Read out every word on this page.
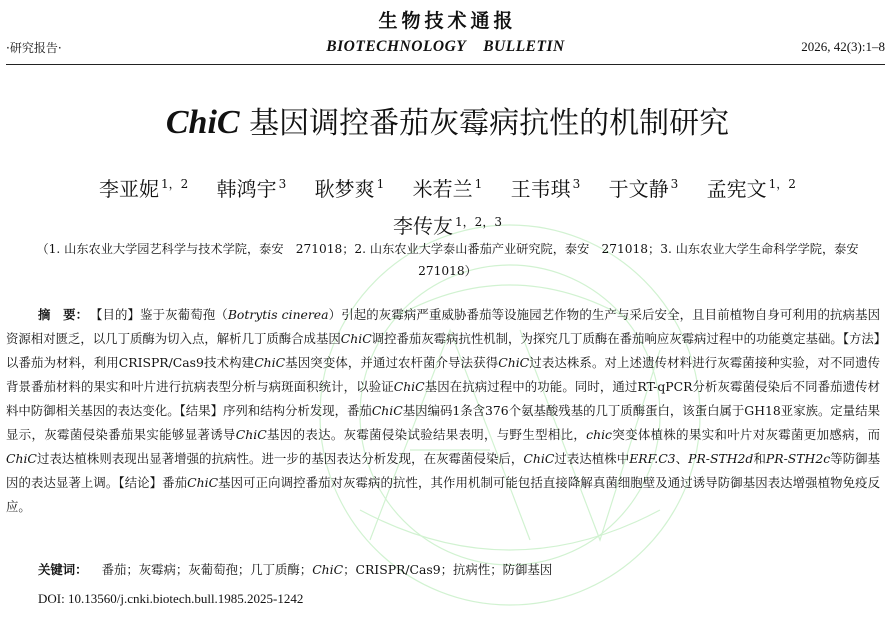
生物技术通报
·研究报告·	BIOTECHNOLOGY    BULLETIN	2026, 42(3):1–8
ChiC 基因调控番茄灰霉病抗性的机制研究
李亚妮 $^{1,2}$ 韩鸿宇 $^3$ 耿梦爽 $^1$ 米若兰 $^1$ 王韦琪 $^3$ 于文静 $^3$ 孟宪文 $^{1,2}$
李传友 $^{1,2,3}$
（1. 山东农业大学园艺科学与技术学院，泰安　271018；2. 山东农业大学泰山番茄产业研究院，泰安　271018；3. 山东农业大学生命科学学院，泰安　271018）
摘　要： 【目的】鉴于灰葡萄孢（Botrytis cinerea）引起的灰霉病严重威胁番茄等设施园艺作物的生产与采后安全，且目前植物自身可利用的抗病基因资源相对匮乏，以几丁质酶为切入点，解析几丁质酶合成基因ChiC调控番茄灰霉病抗性机制，为探究几丁质酶在番茄响应灰霉病过程中的功能奠定基础。【方法】以番茄为材料，利用CRISPR/Cas9技术构建ChiC基因突变体，并通过农杆菌介导法获得ChiC过表达株系。对上述遗传材料进行灰霉菌接种实验，对不同遗传背景番茄材料的果实和叶片进行抗病表型分析与病斑面积统计，以验证ChiC基因在抗病过程中的功能。同时，通过RT-qPCR分析灰霉菌侵染后不同番茄遗传材料中防御相关基因的表达变化。【结果】序列和结构分析发现，番茄ChiC基因编码1条含376个氨基酸残基的几丁质酶蛋白，该蛋白属于GH18亚家族。定量结果显示，灰霉菌侵染番茄果实能够显著诱导ChiC基因的表达。灰霉菌侵染试验结果表明，与野生型相比，chic突变体植株的果实和叶片对灰霉菌更加感病，而ChiC过表达植株则表现出显著增强的抗病性。进一步的基因表达分析发现，在灰霉菌侵染后，ChiC过表达植株中ERF.C3、PR-STH2d和PR-STH2c等防御基因的表达显著上调。【结论】番茄ChiC基因可正向调控番茄对灰霉病的抗性，其作用机制可能包括直接降解真菌细胞壁及通过诱导防御基因表达增强植物免疫反应。
关键词： 番茄；灰霉病；灰葡萄孢；几丁质酶；ChiC；CRISPR/Cas9；抗病性；防御基因
DOI: 10.13560/j.cnki.biotech.bull.1985.2025-1242
